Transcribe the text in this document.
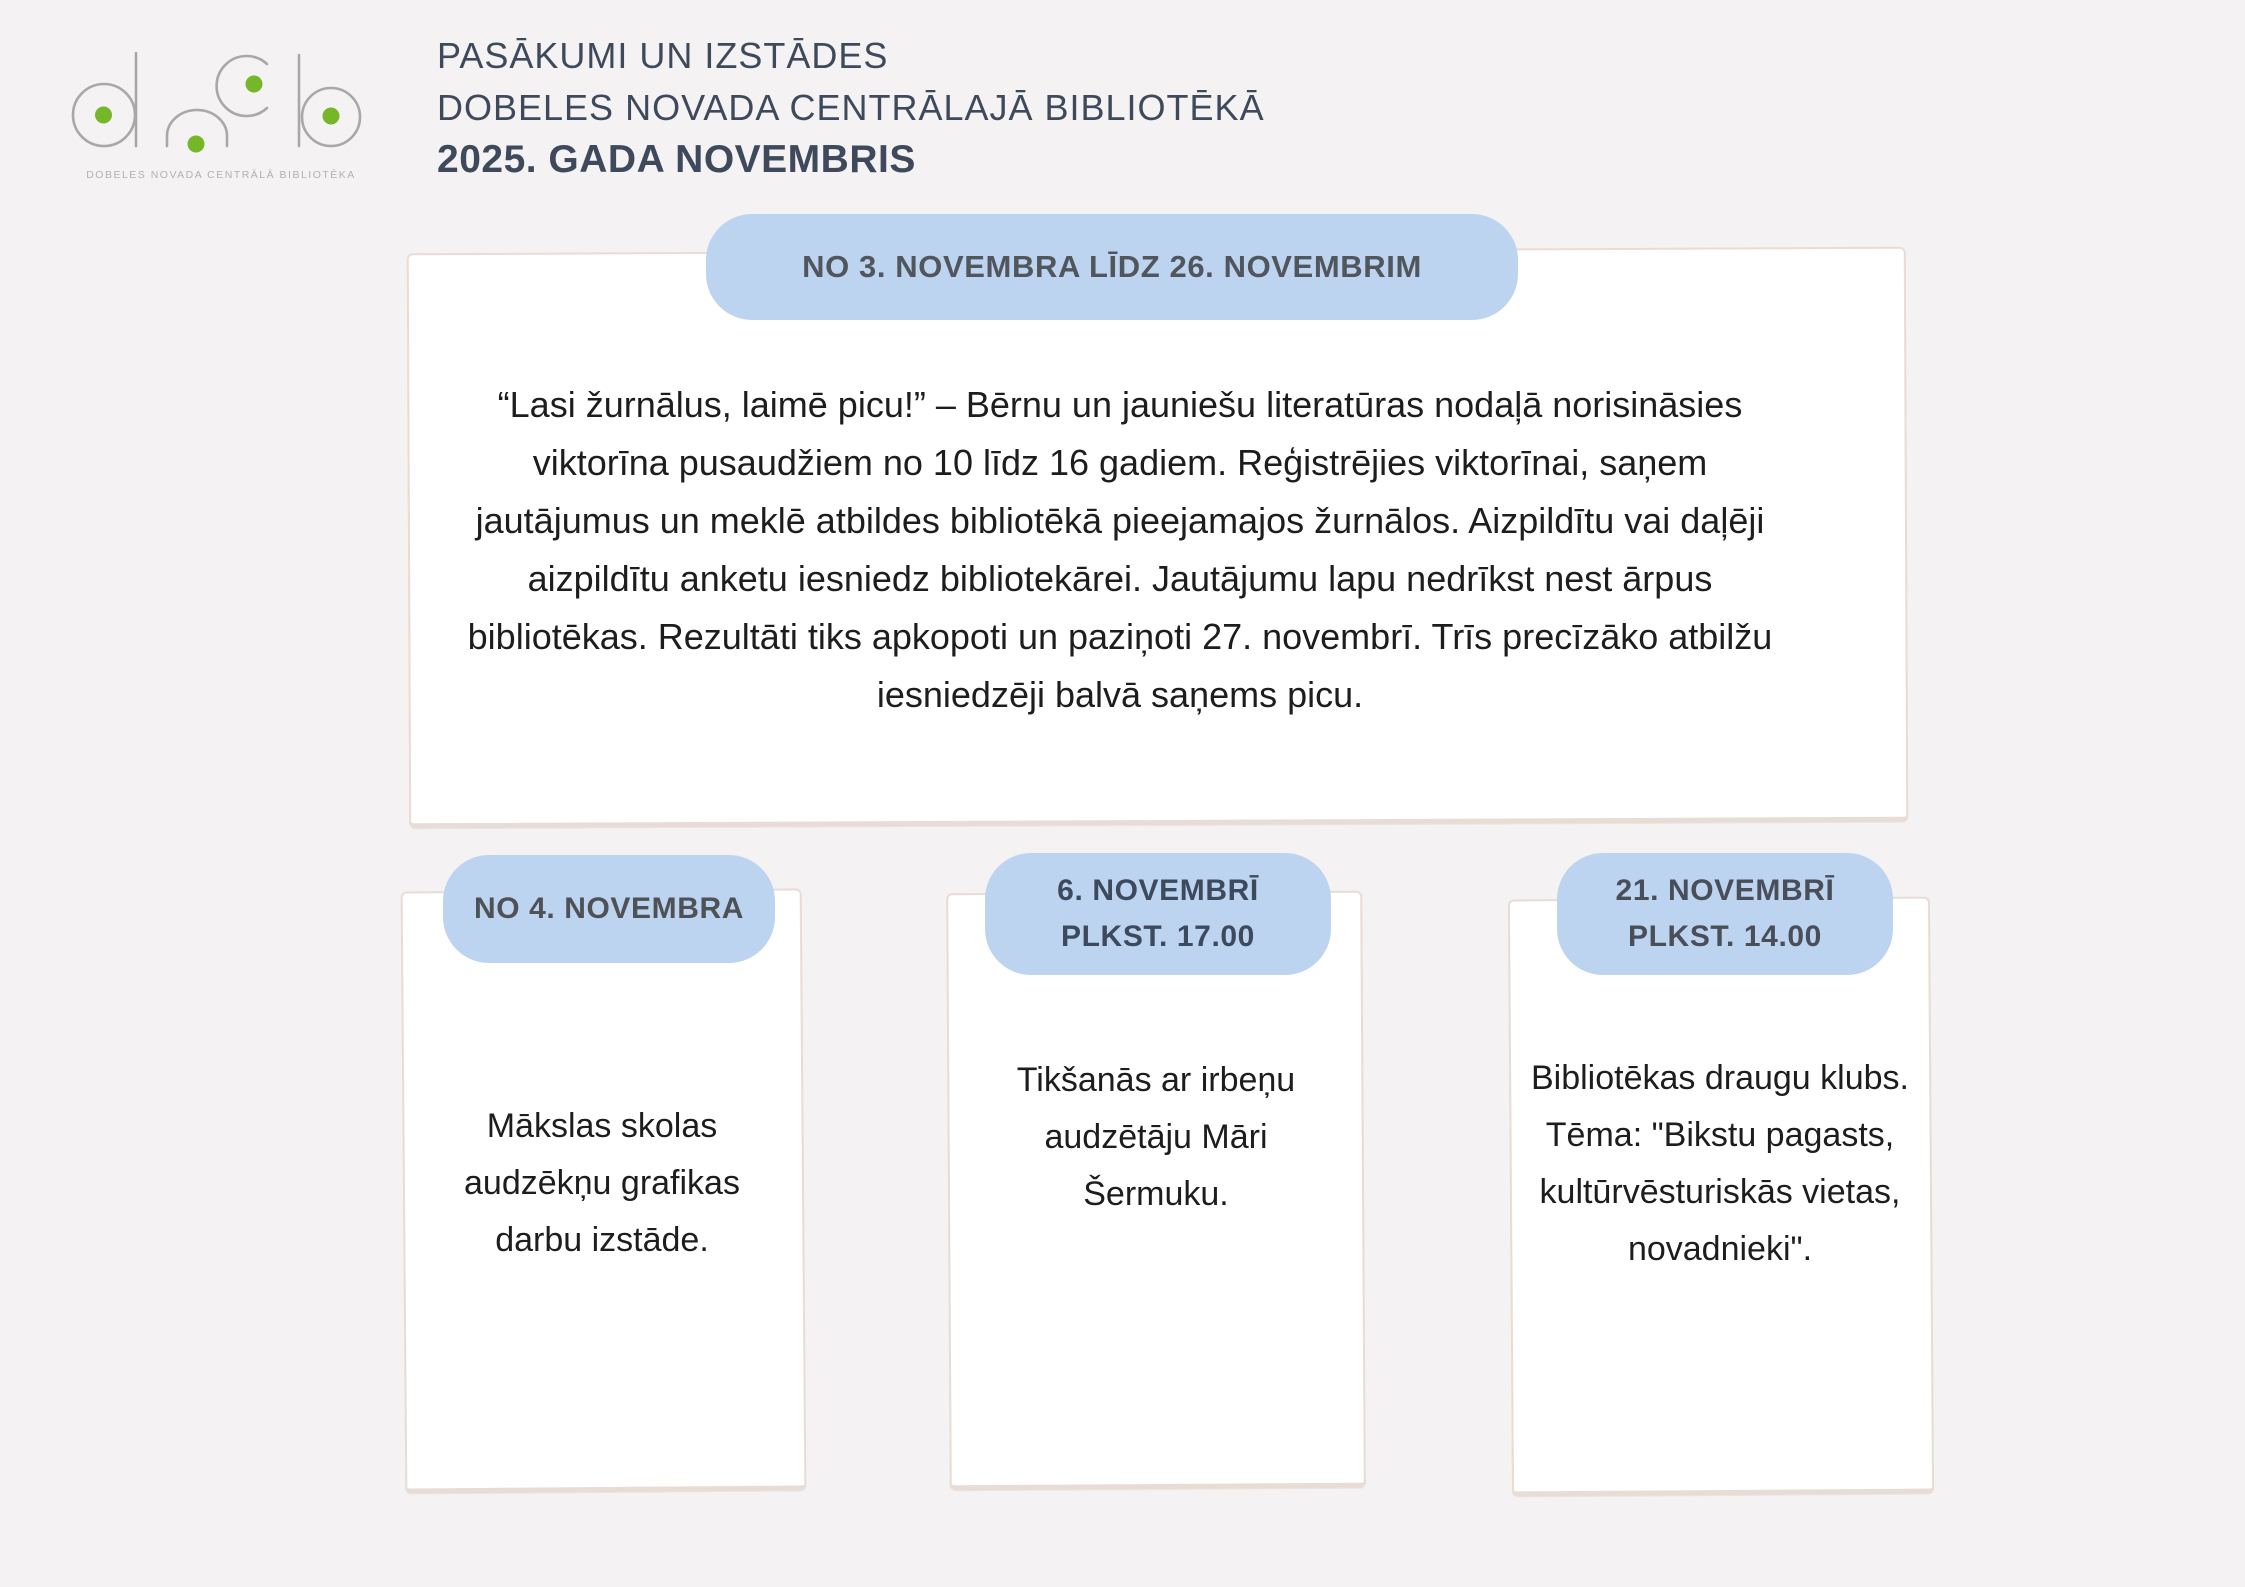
DOBELES NOVADA CENTRĀLĀ BIBLIOTĒKA
PASĀKUMI UN IZSTĀDES
DOBELES NOVADA CENTRĀLAJĀ BIBLIOTĒKĀ
2025. GADA NOVEMBRIS
NO 3. NOVEMBRA LĪDZ 26. NOVEMBRIM
“Lasi žurnālus, laimē picu!” – Bērnu un jauniešu literatūras nodaļā norisināsies viktorīna pusaudžiem no 10 līdz 16 gadiem. Reģistrējies viktorīnai, saņem jautājumus un meklē atbildes bibliotēkā pieejamajos žurnālos. Aizpildītu vai daļēji aizpildītu anketu iesniedz bibliotekārei. Jautājumu lapu nedrīkst nest ārpus bibliotēkas. Rezultāti tiks apkopoti un paziņoti 27. novembrī. Trīs precīzāko atbilžu iesniedzēji balvā saņems picu.
NO 4. NOVEMBRA
Mākslas skolas audzēkņu grafikas darbu izstāde.
6. NOVEMBRĪ
PLKST. 17.00
Tikšanās ar irbeņu audzētāju Māri Šermuku.
21. NOVEMBRĪ
PLKST. 14.00
Bibliotēkas draugu klubs. Tēma: "Bikstu pagasts, kultūrvēsturiskās vietas, novadnieki".
